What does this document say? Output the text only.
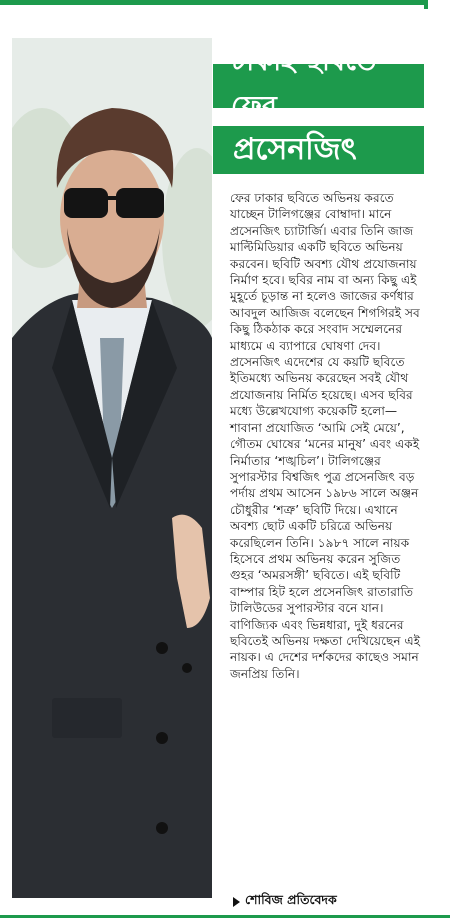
ঢাকাই ছবিতে ফের
প্রসেনজিৎ
ফের ঢাকার ছবিতে অভিনয় করতে যাচ্ছেন টালিগঞ্জের বোম্বাদা। মানে প্রসেনজিৎ চ্যাটার্জি। এবার তিনি জাজ মাল্টিমিডিয়ার একটি ছবিতে অভিনয় করবেন। ছবিটি অবশ্য যৌথ প্রযোজনায় নির্মাণ হবে। ছবির নাম বা অন্য কিছু এই মুহূর্তে চূড়ান্ত না হলেও জাজের কর্ণধার আবদুল আজিজ বলেছেন শিগগিরই সব কিছু ঠিকঠাক করে সংবাদ সম্মেলনের মাধ্যমে এ ব্যাপারে ঘোষণা দেব। প্রসেনজিৎ এদেশের যে কয়টি ছবিতে ইতিমধ্যে অভিনয় করেছেন সবই যৌথ প্রযোজনায় নির্মিত হয়েছে। এসব ছবির মধ্যে উল্লেখযোগ্য কয়েকটি হলো— শাবানা প্রযোজিত ‘আমি সেই মেয়ে’, গৌতম ঘোষের ‘মনের মানুষ’ এবং একই নির্মাতার ‘শঙ্খচিল’। টালিগঞ্জের সুপারস্টার বিশ্বজিৎ পুত্র প্রসেনজিৎ বড় পর্দায় প্রথম আসেন ১৯৮৬ সালে অঞ্জন চৌধুরীর ‘শত্রু’ ছবিটি দিয়ে। এখানে অবশ্য ছোট একটি চরিত্রে অভিনয় করেছিলেন তিনি। ১৯৮৭ সালে নায়ক হিসেবে প্রথম অভিনয় করেন সুজিত গুহর ‘অমরসঙ্গী’ ছবিতে। এই ছবিটি বাম্পার হিট হলে প্রসেনজিৎ রাতারাতি টালিউডের সুপারস্টার বনে যান। বাণিজ্যিক এবং ভিন্নধারা, দুই ধরনের ছবিতেই অভিনয় দক্ষতা দেখিয়েছেন এই নায়ক। এ দেশের দর্শকদের কাছেও সমান জনপ্রিয় তিনি।
শোবিজ প্রতিবেদক
